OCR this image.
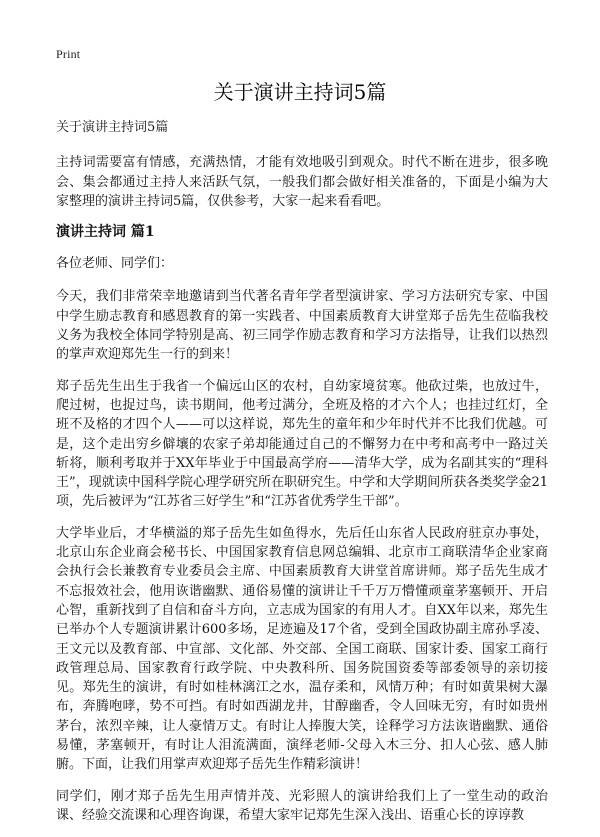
Print
关于演讲主持词5篇

关于演讲主持词5篇

主持词需要富有情感，充满热情，才能有效地吸引到观众。时代不断在进步，很多晚会、集会都通过主持人来活跃气氛，一般我们都会做好相关准备的，下面是小编为大家整理的演讲主持词5篇，仅供参考，大家一起来看看吧。

演讲主持词 篇1

各位老师、同学们：

今天，我们非常荣幸地邀请到当代著名青年学者型演讲家、学习方法研究专家、中国中学生励志教育和感恩教育的第一实践者、中国素质教育大讲堂郑子岳先生莅临我校义务为我校全体同学特别是高、初三同学作励志教育和学习方法指导，让我们以热烈的掌声欢迎郑先生一行的到来！

郑子岳先生出生于我省一个偏远山区的农村，自幼家境贫寒。他砍过柴，也放过牛，爬过树，也捉过鸟，读书期间，他考过满分，全班及格的才六个人；也挂过红灯，全班不及格的才四个人——可以这样说，郑先生的童年和少年时代并不比我们优越。可是，这个走出穷乡僻壤的农家子弟却能通过自己的不懈努力在中考和高考中一路过关斩将，顺利考取并于XX年毕业于中国最高学府——清华大学，成为名副其实的“理科王”，现就读中国科学院心理学研究所在职研究生。中学和大学期间所获各类奖学金21项，先后被评为“江苏省三好学生”和“江苏省优秀学生干部”。

大学毕业后，才华横溢的郑子岳先生如鱼得水，先后任山东省人民政府驻京办事处，北京山东企业商会秘书长、中国国家教育信息网总编辑、北京市工商联清华企业家商会执行会长兼教育专业委员会主席、中国素质教育大讲堂首席讲师。郑子岳先生成才不忘报效社会，他用诙谐幽默、通俗易懂的演讲让千千万万懵懂顽童茅塞顿开、开启心智，重新找到了自信和奋斗方向，立志成为国家的有用人才。自XX年以来，郑先生已举办个人专题演讲累计600多场，足迹遍及17个省，受到全国政协副主席孙孚凌、王文元以及教育部、中宣部、文化部、外交部、全国工商联、国家计委、国家工商行政管理总局、国家教育行政学院、中央教科所、国务院国资委等部委领导的亲切接见。郑先生的演讲，有时如桂林漓江之水，温存柔和，风情万种；有时如黄果树大瀑布，奔腾咆哮，势不可挡。有时如西湖龙井，甘醇幽香，令人回味无穷，有时如贵州茅台，浓烈辛辣，让人豪情万丈。有时让人捧腹大笑，诠释学习方法诙谐幽默、通俗易懂，茅塞顿开，有时让人泪流满面，演绎老师-父母入木三分、扣人心弦、感人肺腑。下面，让我们用掌声欢迎郑子岳先生作精彩演讲！

同学们，刚才郑子岳先生用声情并茂、光彩照人的演讲给我们上了一堂生动的政治课、经验交流课和心理咨询课，希望大家牢记郑先生深入浅出、语重心长的谆谆教
